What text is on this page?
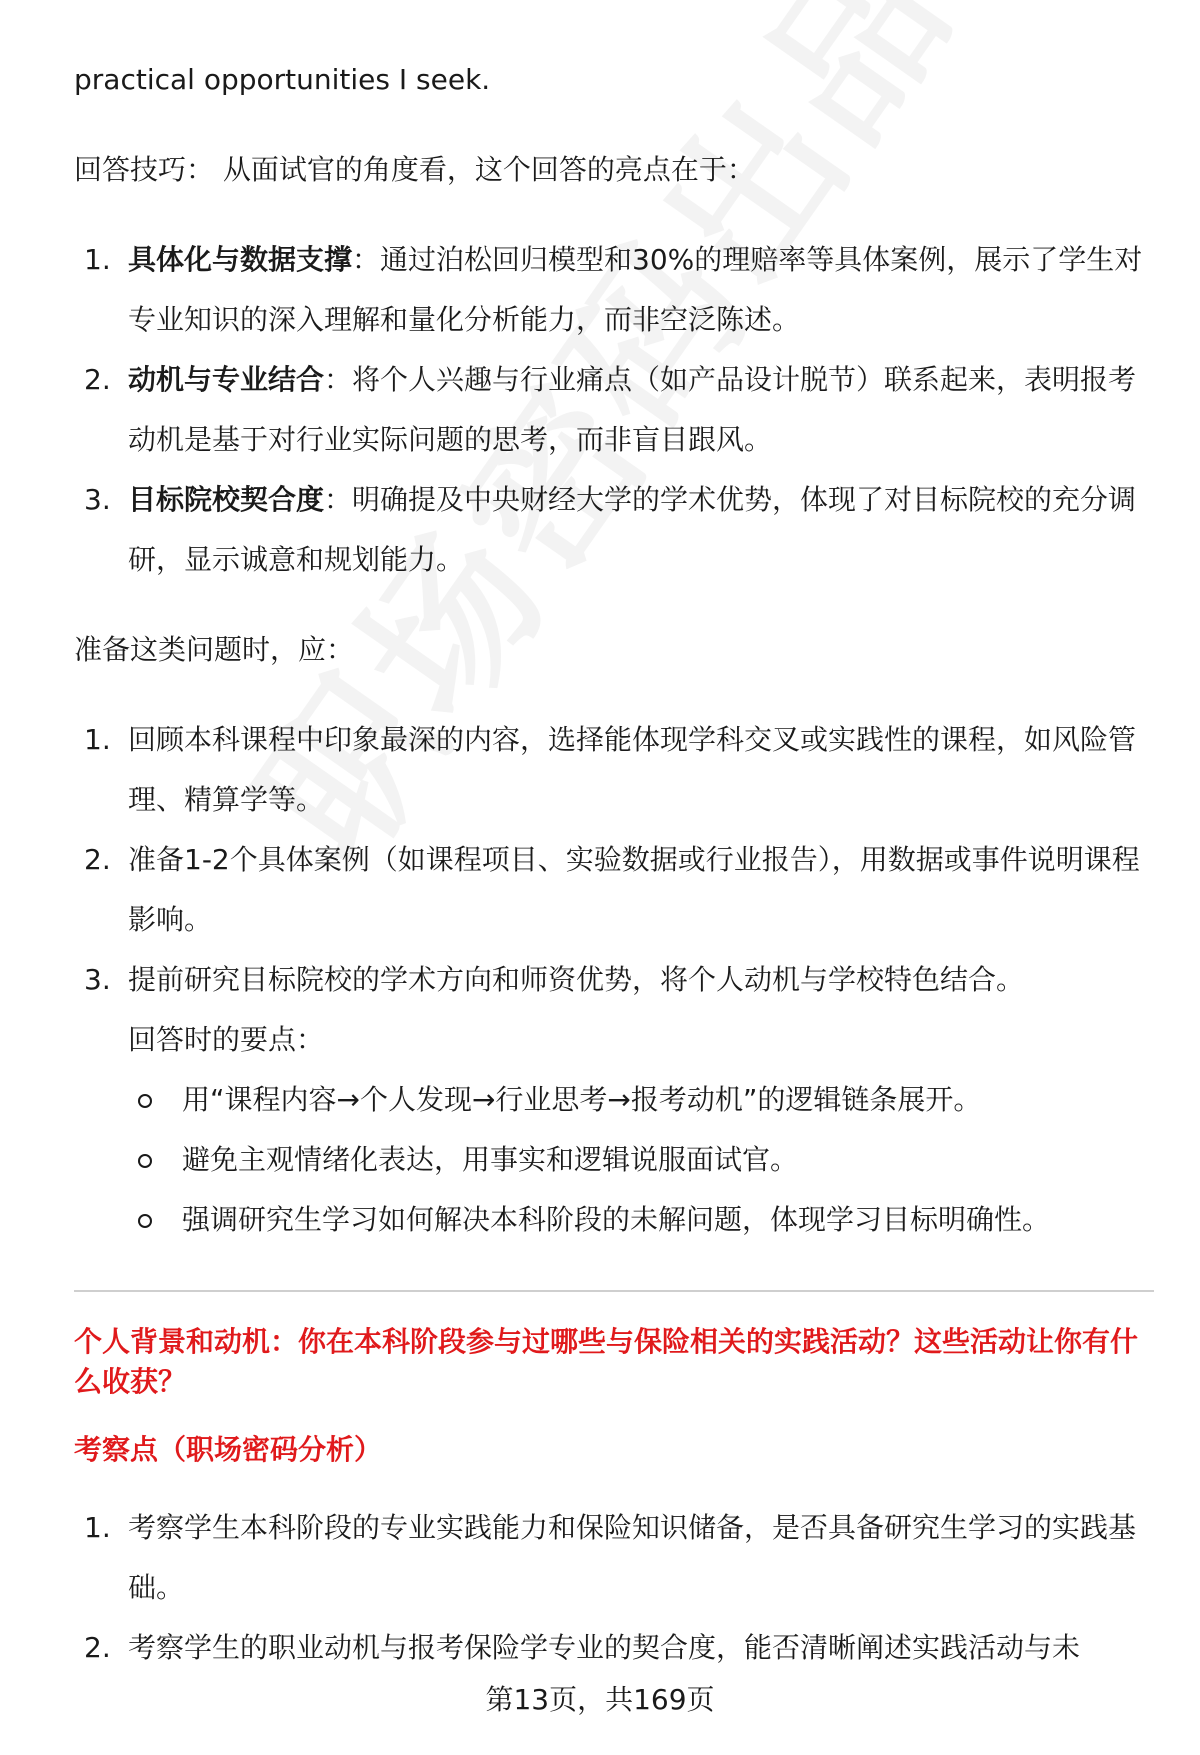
practical opportunities I seek.

回答技巧： 从面试官的角度看，这个回答的亮点在于：

1. 具体化与数据支撑：通过泊松回归模型和30%的理赔率等具体案例，展示了学生对专业知识的深入理解和量化分析能力，而非空泛陈述。
2. 动机与专业结合：将个人兴趣与行业痛点（如产品设计脱节）联系起来，表明报考动机是基于对行业实际问题的思考，而非盲目跟风。
3. 目标院校契合度：明确提及中央财经大学的学术优势，体现了对目标院校的充分调研，显示诚意和规划能力。

准备这类问题时，应：

1. 回顾本科课程中印象最深的内容，选择能体现学科交叉或实践性的课程，如风险管理、精算学等。
2. 准备1-2个具体案例（如课程项目、实验数据或行业报告），用数据或事件说明课程影响。
3. 提前研究目标院校的学术方向和师资优势，将个人动机与学校特色结合。
回答时的要点：
用“课程内容→个人发现→行业思考→报考动机”的逻辑链条展开。
避免主观情绪化表达，用事实和逻辑说服面试官。
强调研究生学习如何解决本科阶段的未解问题，体现学习目标明确性。
个人背景和动机：你在本科阶段参与过哪些与保险相关的实践活动？这些活动让你有什么收获？
考察点（职场密码分析）
1. 考察学生本科阶段的专业实践能力和保险知识储备，是否具备研究生学习的实践基础。
2. 考察学生的职业动机与报考保险学专业的契合度，能否清晰阐述实践活动与未
第13页，共169页
